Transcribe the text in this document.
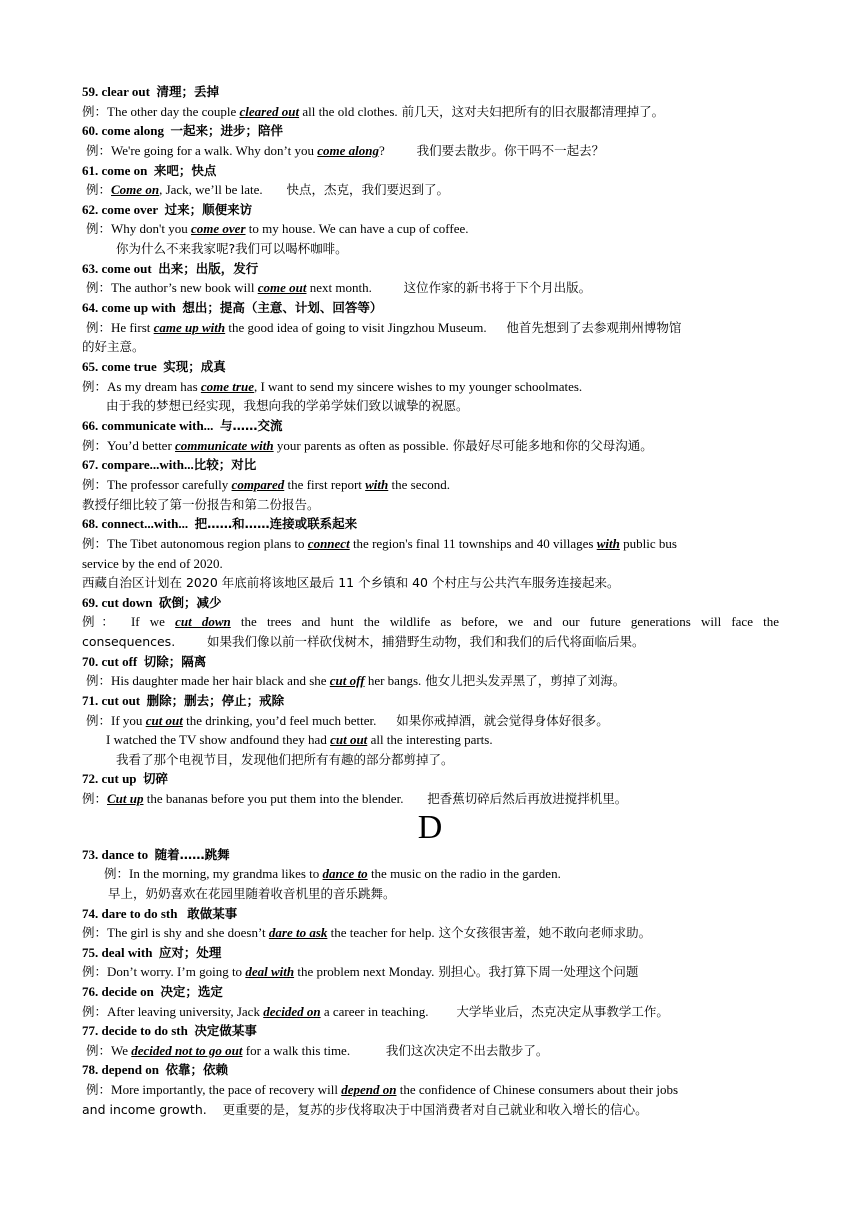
59. clear out 清理；丢掉
例：The other day the couple cleared out all the old clothes. 前几天，这对夫妇把所有的旧衣服都清理掉了。
60. come along 一起来；进步；陪伴
例：We're going for a walk. Why don’t you come along?        我们要去散步。你干吗不一起去？
61. come on 来吧；快点
例：Come on, Jack, we’ll be late.      快点，杰克，我们要迟到了。
62. come over 过来；顺便来访
例：Why don't you come over to my house. We can have a cup of coffee.
你为什么不来我家呢?我们可以喝杯咖啡。
63. come out 出来；出版，发行
例：The author’s new book will come out next month.        这位作家的新书将于下个月出版。
64. come up with 想出；提高（主意、计划、回答等）
例：He first came up with the good idea of going to visit Jingzhou Museum.     他首先想到了去参观荆州博物馆
的好主意。
65. come true 实现；成真
例：As my dream has come true, I want to send my sincere wishes to my younger schoolmates.
由于我的梦想已经实现，我想向我的学弟学妹们致以诚挚的祝愿。
66. communicate with... 与……交流
例：You’d better communicate with your parents as often as possible. 你最好尽可能多地和你的父母沟通。
67. compare...with...比较；对比
例：The professor carefully compared the first report with the second.
教授仔细比较了第一份报告和第二份报告。
68. connect...with... 把……和……连接或联系起来
例：The Tibet autonomous region plans to connect the region's final 11 townships and 40 villages with public bus
service by the end of 2020.
西藏自治区计划在 2020 年底前将该地区最后 11 个乡镇和 40 个村庄与公共汽车服务连接起来。
69. cut down 砍倒；减少
例： If we cut down the trees and hunt the wildlife as before, we and our future generations will face the
consequences.        如果我们像以前一样砍伐树木，捕猎野生动物，我们和我们的后代将面临后果。
70. cut off 切除；隔离
例：His daughter made her hair black and she cut off her bangs. 他女儿把头发弄黑了，剪掉了刘海。
71. cut out 删除；删去；停止；戒除
例：If you cut out the drinking, you’d feel much better.     如果你戒掉酒，就会觉得身体好很多。
I watched the TV show andfound they had cut out all the interesting parts.
我看了那个电视节目，发现他们把所有有趣的部分都剪掉了。
72. cut up 切碎
例：Cut up the bananas before you put them into the blender.      把香蕉切碎后然后再放进搅拌机里。
D
73. dance to 随着……跳舞
例：In the morning, my grandma likes to dance to the music on the radio in the garden.
早上，奶奶喜欢在花园里随着收音机里的音乐跳舞。
74. dare to do sth 敢做某事
例：The girl is shy and she doesn’t dare to ask the teacher for help. 这个女孩很害羞，她不敢向老师求助。
75. deal with 应对；处理
例：Don’t worry. I’m going to deal with the problem next Monday. 别担心。我打算下周一处理这个问题
76. decide on 决定；选定
例：After leaving university, Jack decided on a career in teaching.       大学毕业后，杰克决定从事教学工作。
77. decide to do sth 决定做某事
例：We decided not to go out for a walk this time.         我们这次决定不出去散步了。
78. depend on 依靠；依赖
例：More importantly, the pace of recovery will depend on the confidence of Chinese consumers about their jobs
and income growth.    更重要的是，复苏的步伐将取决于中国消费者对自己就业和收入增长的信心。
